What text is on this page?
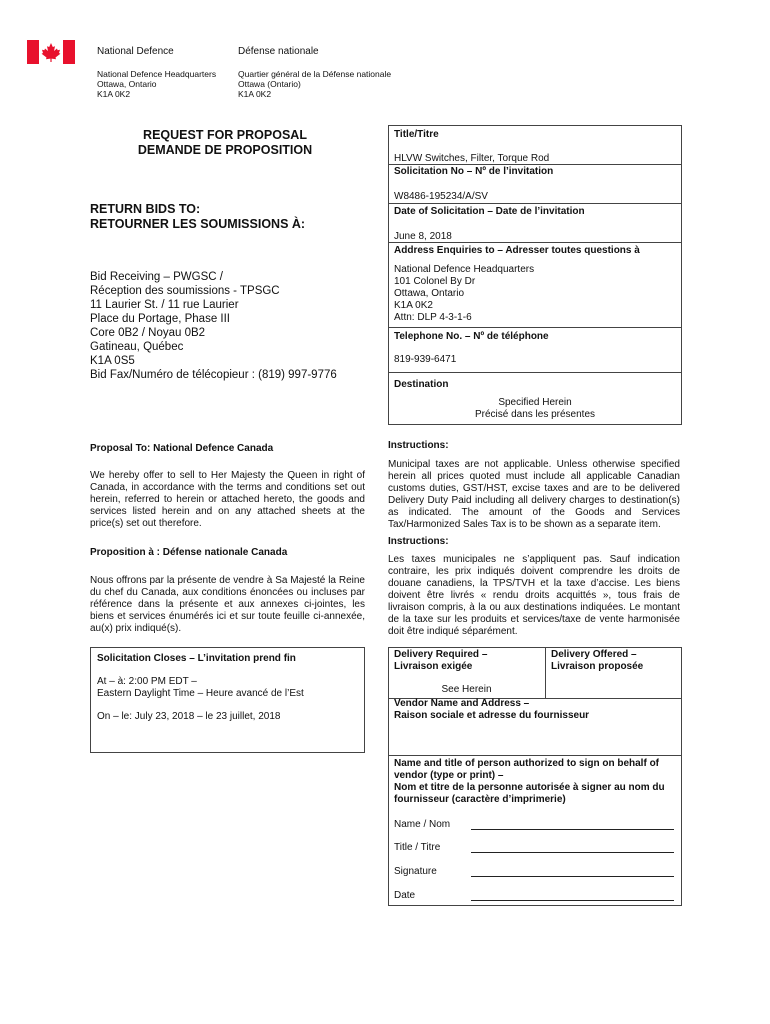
National Defence	Défense nationale
National Defence Headquarters
Ottawa, Ontario
K1A 0K2
Quartier général de la Défense nationale
Ottawa (Ontario)
K1A 0K2
REQUEST FOR PROPOSAL
DEMANDE DE PROPOSITION
RETURN BIDS TO:
RETOURNER LES SOUMISSIONS À:
Bid Receiving – PWGSC /
Réception des soumissions - TPSGC
11 Laurier St. / 11 rue Laurier
Place du Portage, Phase III
Core 0B2 / Noyau 0B2
Gatineau, Québec
K1A 0S5
Bid Fax/Numéro de télécopieur : (819) 997-9776
Title/Titre
HLVW Switches, Filter, Torque Rod
Solicitation No – Nº de l’invitation
W8486-195234/A/SV
Date of Solicitation – Date de l’invitation
June 8, 2018
Address Enquiries to – Adresser toutes questions à
National Defence Headquarters
101 Colonel By Dr
Ottawa, Ontario
K1A 0K2
Attn: DLP 4-3-1-6
Telephone No. – Nº de téléphone
819-939-6471
Destination
Specified Herein
Précisé dans les présentes
Proposal To: National Defence Canada
We hereby offer to sell to Her Majesty the Queen in right of Canada, in accordance with the terms and conditions set out herein, referred to herein or attached hereto, the goods and services listed herein and on any attached sheets at the price(s) set out therefore.
Proposition à : Défense nationale Canada
Nous offrons par la présente de vendre à Sa Majesté la Reine du chef du Canada, aux conditions énoncées ou incluses par référence dans la présente et aux annexes ci-jointes, les biens et services énumérés ici et sur toute feuille ci-annexée, au(x) prix indiqué(s).
Instructions:
Municipal taxes are not applicable. Unless otherwise specified herein all prices quoted must include all applicable Canadian customs duties, GST/HST, excise taxes and are to be delivered Delivery Duty Paid including all delivery charges to destination(s) as indicated. The amount of the Goods and Services Tax/Harmonized Sales Tax is to be shown as a separate item.
Instructions:
Les taxes municipales ne s’appliquent pas. Sauf indication contraire, les prix indiqués doivent comprendre les droits de douane canadiens, la TPS/TVH et la taxe d’accise. Les biens doivent être livrés « rendu droits acquittés », tous frais de livraison compris, à la ou aux destinations indiquées. Le montant de la taxe sur les produits et services/taxe de vente harmonisée doit être indiqué séparément.
Solicitation Closes – L’invitation prend fin
At – à: 2:00 PM EDT –
Eastern Daylight Time – Heure avancé de l’Est
On – le: July 23, 2018 – le 23 juillet, 2018
Delivery Required –
Livraison exigée
See Herein
Delivery Offered –
Livraison proposée
Vendor Name and Address –
Raison sociale et adresse du fournisseur
Name and title of person authorized to sign on behalf of
vendor (type or print) –
Nom et titre de la personne autorisée à signer au nom du
fournisseur (caractère d’imprimerie)
Name / Nom
Title / Titre
Signature
Date
